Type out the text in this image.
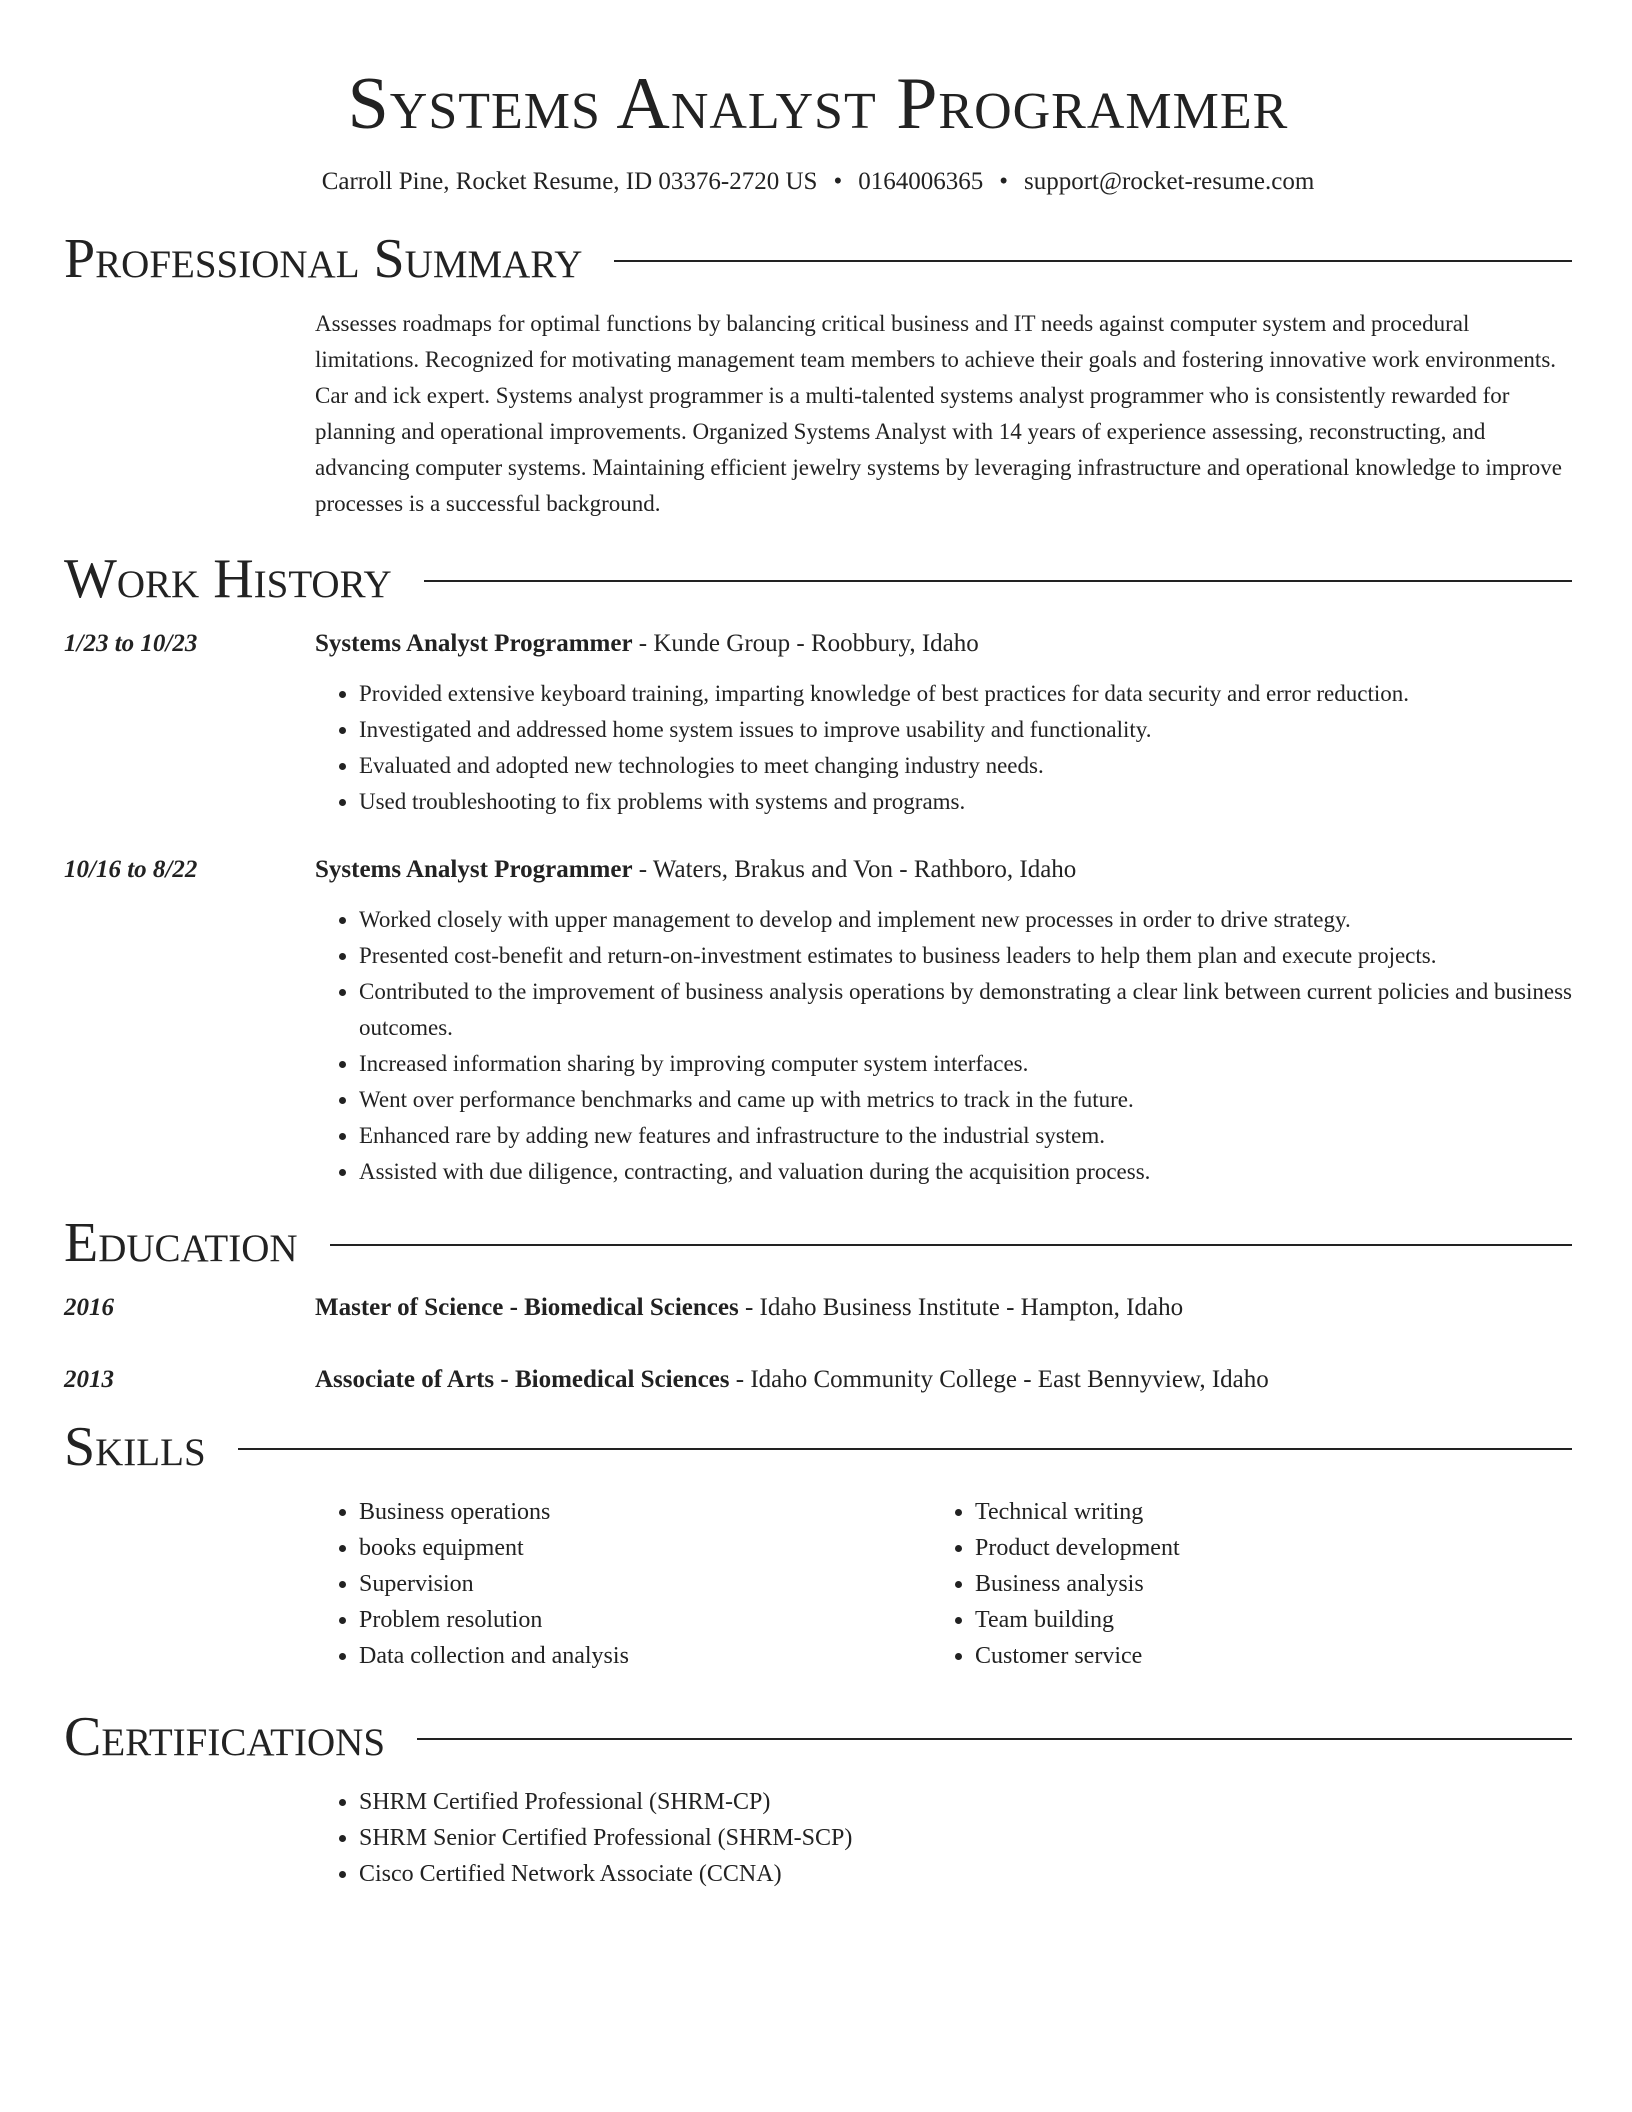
Systems Analyst Programmer
Carroll Pine, Rocket Resume, ID 03376-2720 US • 0164006365 • support@rocket-resume.com
Professional Summary
Assesses roadmaps for optimal functions by balancing critical business and IT needs against computer system and procedural limitations. Recognized for motivating management team members to achieve their goals and fostering innovative work environments. Car and ick expert. Systems analyst programmer is a multi-talented systems analyst programmer who is consistently rewarded for planning and operational improvements. Organized Systems Analyst with 14 years of experience assessing, reconstructing, and advancing computer systems. Maintaining efficient jewelry systems by leveraging infrastructure and operational knowledge to improve processes is a successful background.
Work History
1/23 to 10/23	Systems Analyst Programmer - Kunde Group - Roobbury, Idaho
• Provided extensive keyboard training, imparting knowledge of best practices for data security and error reduction.
• Investigated and addressed home system issues to improve usability and functionality.
• Evaluated and adopted new technologies to meet changing industry needs.
• Used troubleshooting to fix problems with systems and programs.
10/16 to 8/22	Systems Analyst Programmer - Waters, Brakus and Von - Rathboro, Idaho
• Worked closely with upper management to develop and implement new processes in order to drive strategy.
• Presented cost-benefit and return-on-investment estimates to business leaders to help them plan and execute projects.
• Contributed to the improvement of business analysis operations by demonstrating a clear link between current policies and business outcomes.
• Increased information sharing by improving computer system interfaces.
• Went over performance benchmarks and came up with metrics to track in the future.
• Enhanced rare by adding new features and infrastructure to the industrial system.
• Assisted with due diligence, contracting, and valuation during the acquisition process.
Education
2016	Master of Science - Biomedical Sciences - Idaho Business Institute - Hampton, Idaho
2013	Associate of Arts - Biomedical Sciences - Idaho Community College - East Bennyview, Idaho
Skills
• Business operations
• books equipment
• Supervision
• Problem resolution
• Data collection and analysis
• Technical writing
• Product development
• Business analysis
• Team building
• Customer service
Certifications
• SHRM Certified Professional (SHRM-CP)
• SHRM Senior Certified Professional (SHRM-SCP)
• Cisco Certified Network Associate (CCNA)
